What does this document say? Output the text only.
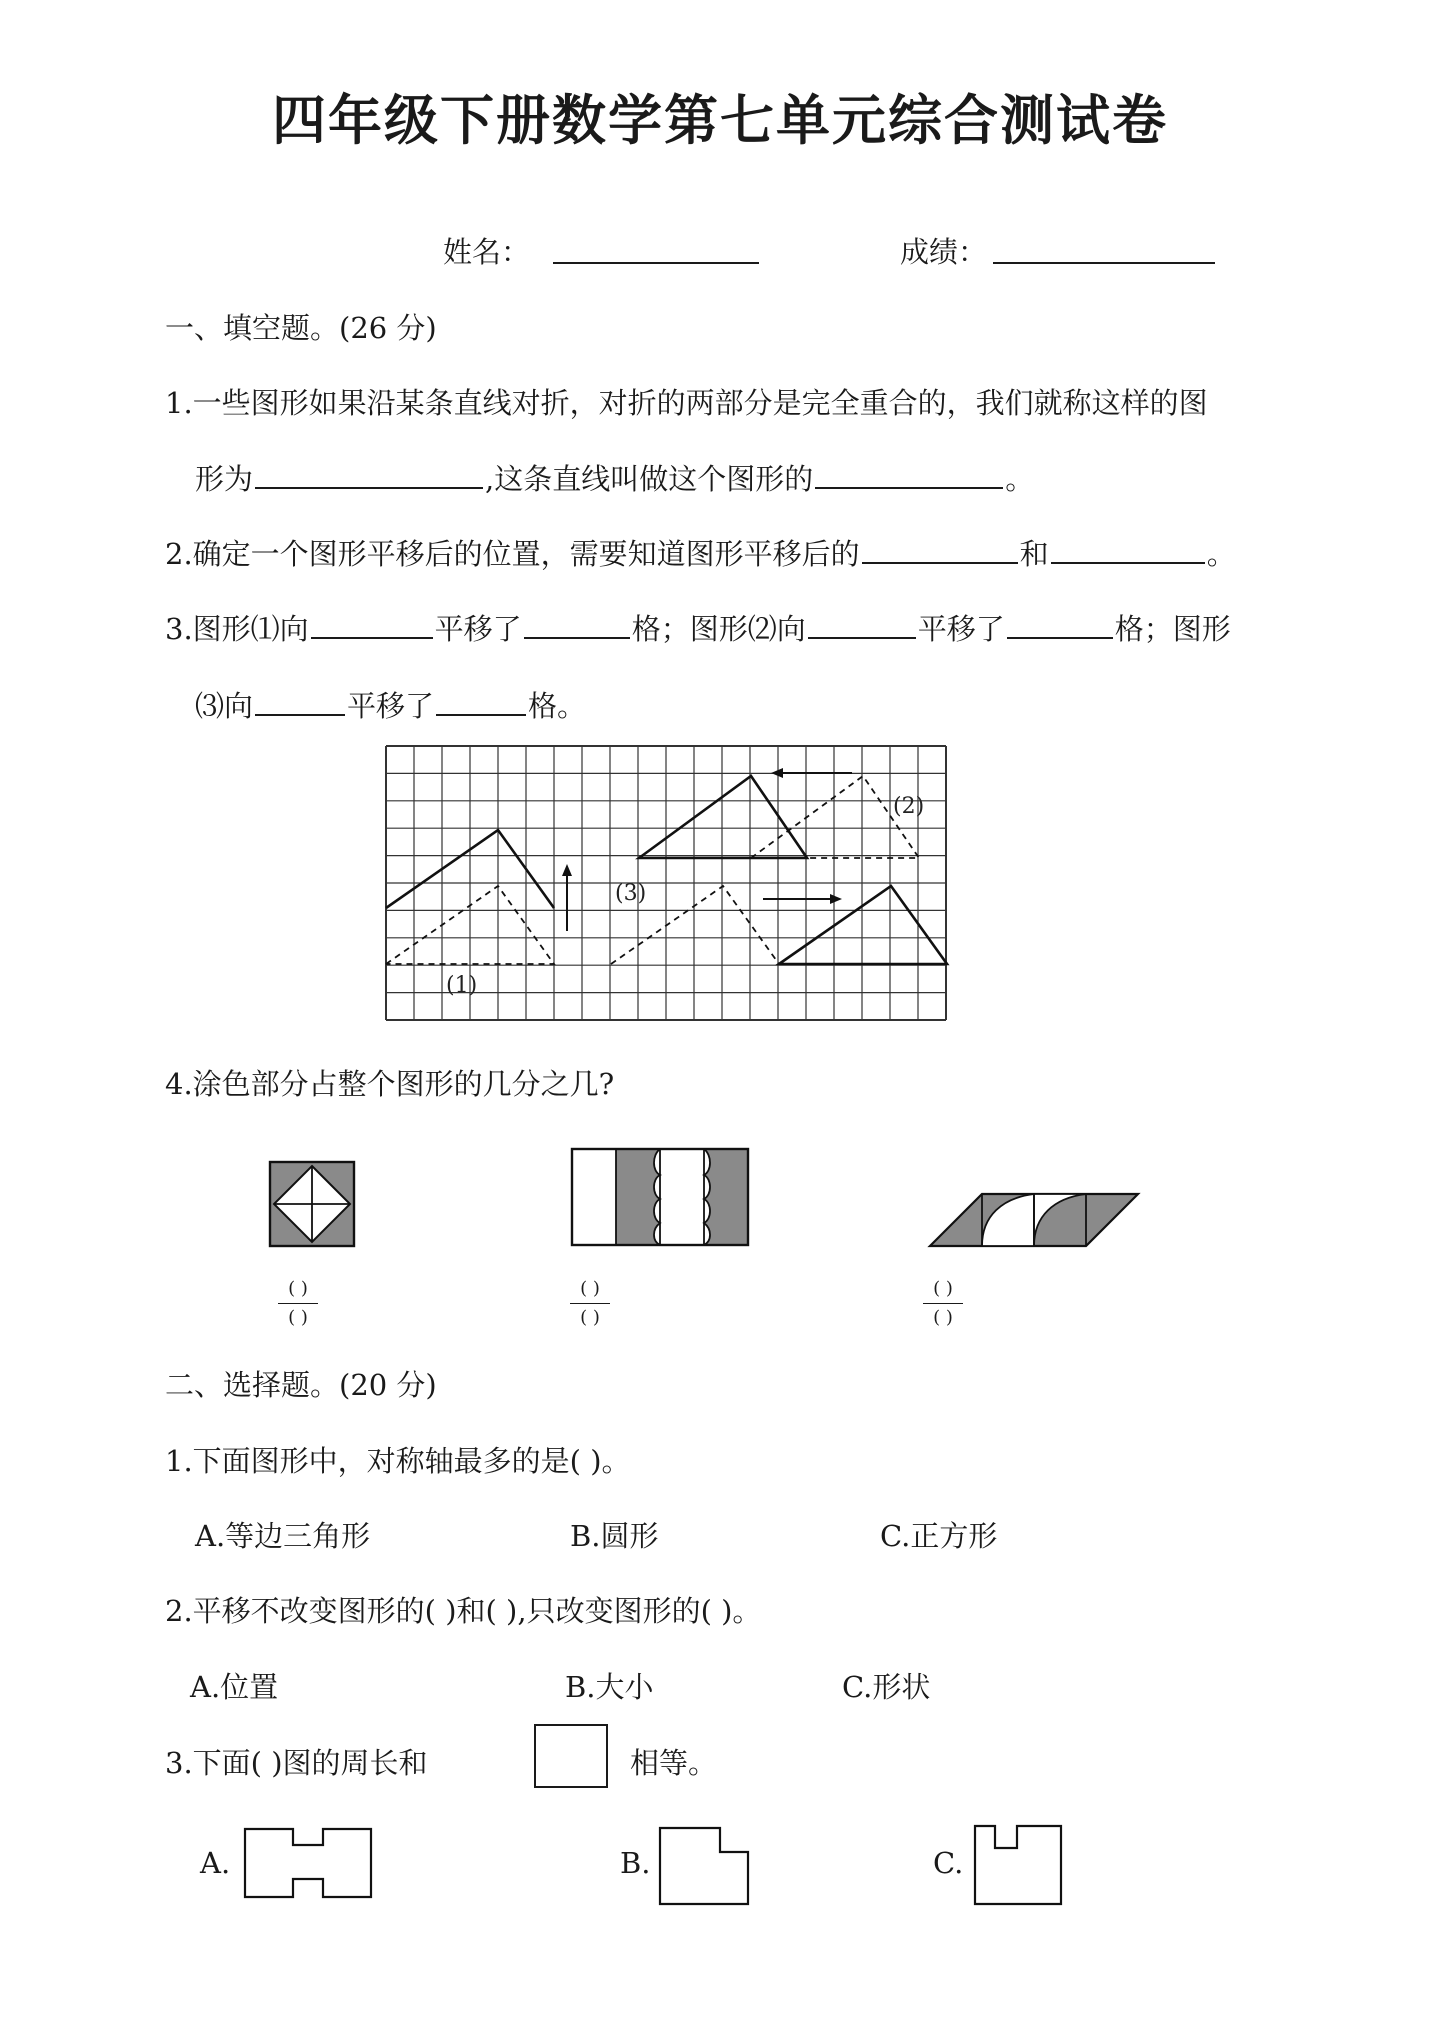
四年级下册数学第七单元综合测试卷
姓名：	成绩：
一、填空题。(26 分)
1.一些图形如果沿某条直线对折，对折的两部分是完全重合的，我们就称这样的图
形为	,这条直线叫做这个图形的	。
2.确定一个图形平移后的位置，需要知道图形平移后的	和	。
3.图形⑴向	平移了	格；图形⑵向	平移了	格；图形
⑶向	平移了	格。
(1)
(2)
(3)
4.涂色部分占整个图形的几分之几?
( )
( )
( )
( )
( )
( )
二、选择题。(20 分)
1.下面图形中，对称轴最多的是( )。
A.等边三角形	B.圆形	C.正方形
2.平移不改变图形的( )和( ),只改变图形的( )。
A.位置	B.大小	C.形状
3.下面( )图的周长和	相等。
A.	B.	C.
